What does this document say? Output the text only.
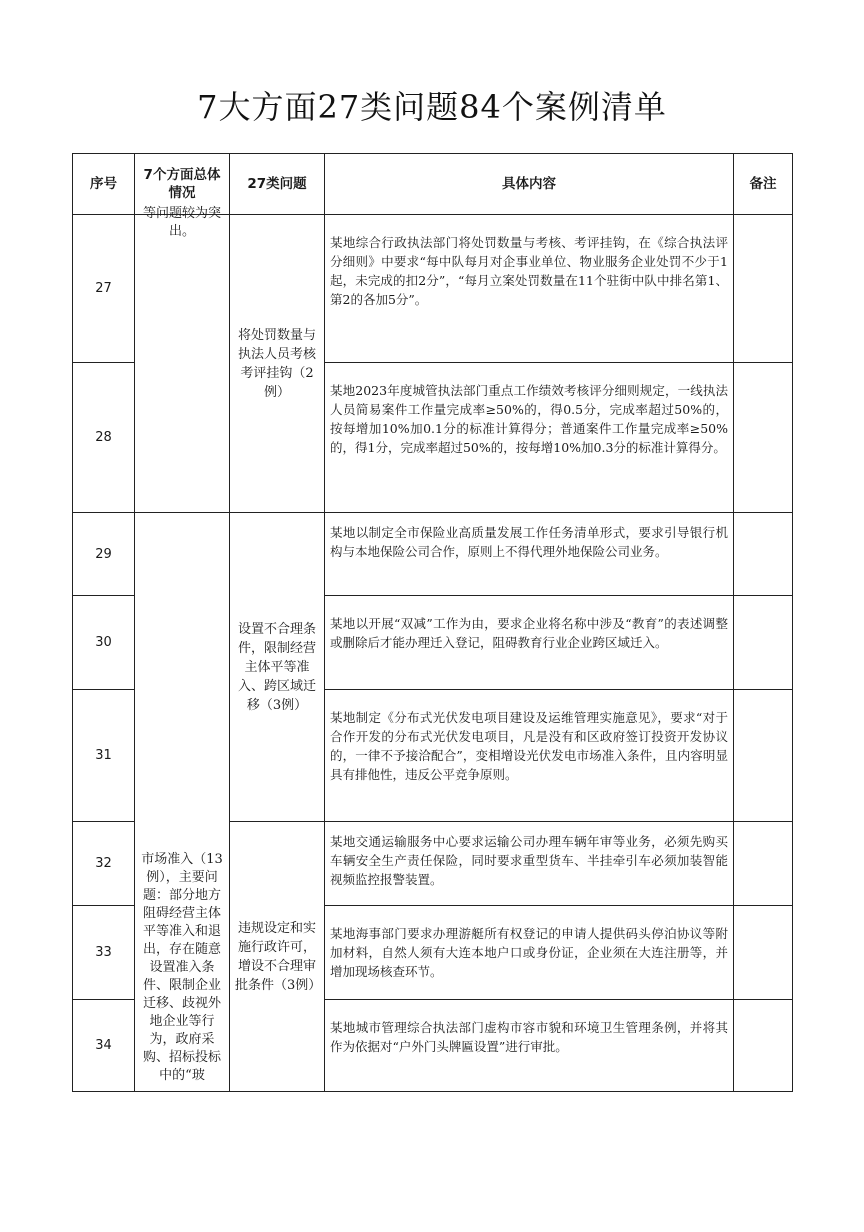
7大方面27类问题84个案例清单
序号	7个方面总体情况	27类问题	具体内容	备注
27	等问题较为突出。	将处罚数量与执法人员考核考评挂钩（2例）	某地综合行政执法部门将处罚数量与考核、考评挂钩，在《综合执法评分细则》中要求“每中队每月对企事业单位、物业服务企业处罚不少于1起，未完成的扣2分”，“每月立案处罚数量在11个驻街中队中排名第1、第2的各加5分”。	
28			某地2023年度城管执法部门重点工作绩效考核评分细则规定，一线执法人员简易案件工作量完成率≥50%的，得0.5分，完成率超过50%的，按每增加10%加0.1分的标准计算得分；普通案件工作量完成率≥50%的，得1分，完成率超过50%的，按每增10%加0.3分的标准计算得分。	
29	市场准入（13例），主要问题：部分地方阻碍经营主体平等准入和退出，存在随意设置准入条件、限制企业迁移、歧视外地企业等行为，政府采购、招标投标中的“玻	设置不合理条件，限制经营主体平等准入、跨区域迁移（3例）	某地以制定全市保险业高质量发展工作任务清单形式，要求引导银行机构与本地保险公司合作，原则上不得代理外地保险公司业务。	
30			某地以开展“双减”工作为由，要求企业将名称中涉及“教育”的表述调整或删除后才能办理迁入登记，阻碍教育行业企业跨区域迁入。	
31			某地制定《分布式光伏发电项目建设及运维管理实施意见》，要求“对于合作开发的分布式光伏发电项目，凡是没有和区政府签订投资开发协议的，一律不予接洽配合”，变相增设光伏发电市场准入条件，且内容明显具有排他性，违反公平竞争原则。	
32		违规设定和实施行政许可，增设不合理审批条件（3例）	某地交通运输服务中心要求运输公司办理车辆年审等业务，必须先购买车辆安全生产责任保险，同时要求重型货车、半挂牵引车必须加装智能视频监控报警装置。	
33			某地海事部门要求办理游艇所有权登记的申请人提供码头停泊协议等附加材料，自然人须有大连本地户口或身份证，企业须在大连注册等，并增加现场核查环节。	
34			某地城市管理综合执法部门虚构市容市貌和环境卫生管理条例，并将其作为依据对“户外门头牌匾设置”进行审批。	
